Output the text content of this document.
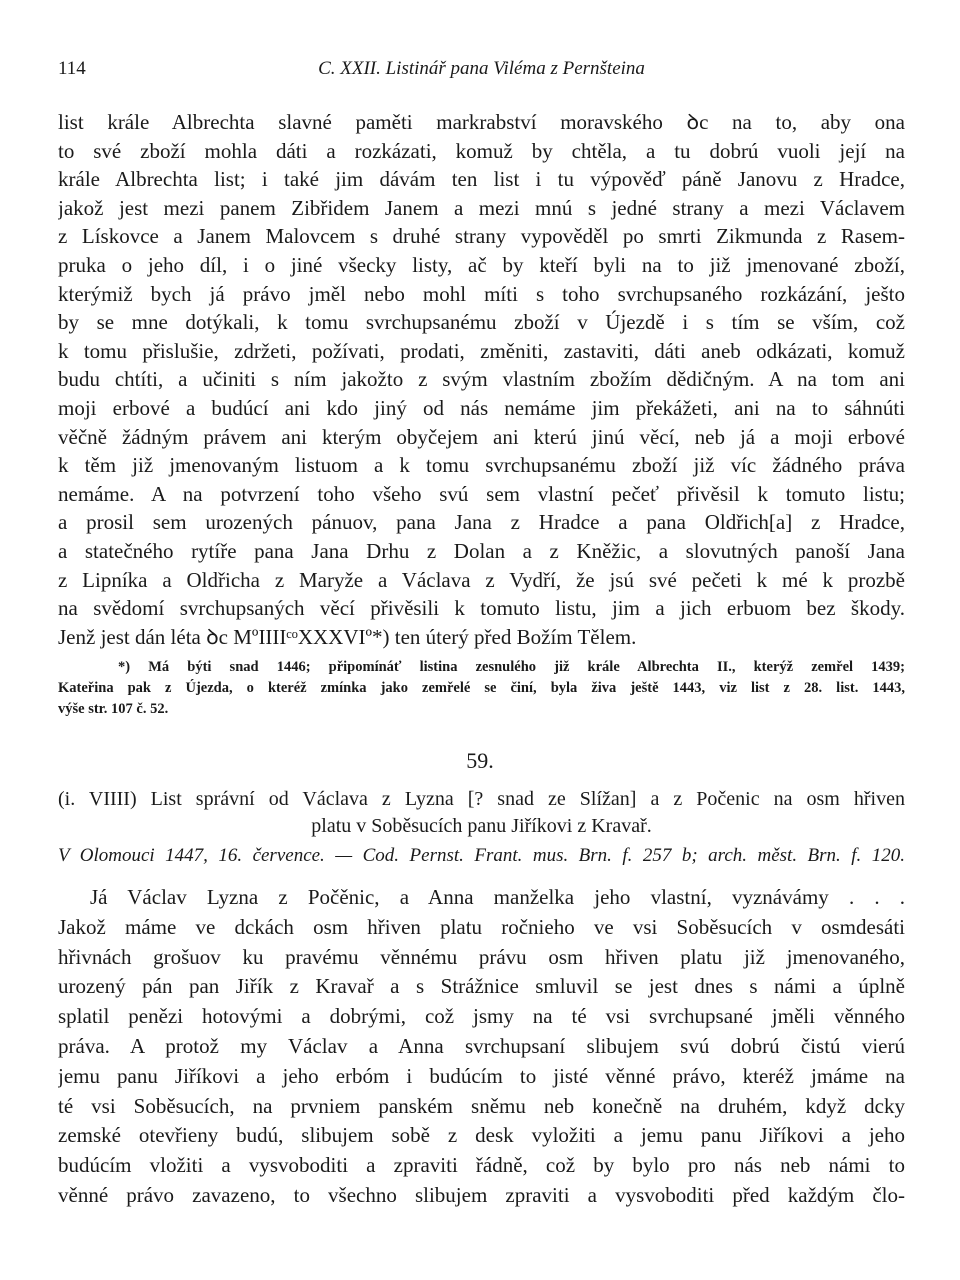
114	C. XXII. Listinář pana Viléma z Pernšteina

list krále Albrechta slavné paměti markrabství moravského ꝺc na to, aby ona

to své zboží mohla dáti a rozkázati, komuž by chtěla, a tu dobrú vuoli její na

krále Albrechta list; i také jim dávám ten list i tu výpověď páně Janovu z Hradce,

jakož jest mezi panem Zibřidem Janem a mezi mnú s jedné strany a mezi Václavem

z Lískovce a Janem Malovcem s druhé strany vypověděl po smrti Zikmunda z Rasem-

pruka o jeho díl, i o jiné všecky listy, ač by kteří byli na to již jmenované zboží,

kterýmiž bych já právo jměl nebo mohl míti s toho svrchupsaného rozkázání, ješto

by se mne dotýkali, k tomu svrchupsanému zboží v Újezdě i s tím se vším, což

k tomu přislušie, zdržeti, požívati, prodati, změniti, zastaviti, dáti aneb odkázati, komuž

budu chtíti, a učiniti s ním jakožto z svým vlastním zbožím dědičným. A na tom ani

moji erbové a budúcí ani kdo jiný od nás nemáme jim překážeti, ani na to sáhnúti

věčně žádným právem ani kterým obyčejem ani kterú jinú věcí, neb já a moji erbové

k těm již jmenovaným listuom a k tomu svrchupsanému zboží již víc žádného práva

nemáme. A na potvrzení toho všeho svú sem vlastní pečeť přivěsil k tomuto listu;

a prosil sem urozených pánuov, pana Jana z Hradce a pana Oldřich[a] z Hradce,

a statečného rytíře pana Jana Drhu z Dolan a z Kněžic, a slovutných panoší Jana

z Lipníka a Oldřicha z Maryže a Václava z Vydří, že jsú své pečeti k mé k prozbě

na svědomí svrchupsaných věcí přivěsili k tomuto listu, jim a jich erbuom bez škody.

Jenž jest dán léta ꝺc MºIIIIᶜᵒXXXVIº*) ten úterý před Božím Tělem.

*) Má býti snad 1446; připomínáť listina zesnulého již krále Albrechta II., kterýž zemřel 1439;

Kateřina pak z Újezda, o kteréž zmínka jako zemřelé se činí, byla živa ještě 1443, viz list z 28. list. 1443,

výše str. 107 č. 52.

59.

(i. VIIII) List správní od Václava z Lyzna [? snad ze Slížan] a z Počenic na osm hřiven

platu v Soběsucích panu Jiříkovi z Kravař.

V Olomouci 1447, 16. července. — Cod. Pernst. Frant. mus. Brn. f. 257 b; arch. měst. Brn. f. 120.

Já Václav Lyzna z Počěnic, a Anna manželka jeho vlastní, vyznávámy . . .

Jakož máme ve dckách osm hřiven platu ročnieho ve vsi Soběsucích v osmdesáti

hřivnách grošuov ku pravému věnnému právu osm hřiven platu již jmenovaného,

urozený pán pan Jiřík z Kravař a s Strážnice smluvil se jest dnes s námi a úplně

splatil penězi hotovými a dobrými, což jsmy na té vsi svrchupsané jměli věnného

práva. A protož my Václav a Anna svrchupsaní slibujem svú dobrú čistú vierú

jemu panu Jiříkovi a jeho erbóm i budúcím to jisté věnné právo, kteréž jmáme na

té vsi Soběsucích, na prvniem panském sněmu neb konečně na druhém, když dcky

zemské otevřieny budú, slibujem sobě z desk vyložiti a jemu panu Jiříkovi a jeho

budúcím vložiti a vysvoboditi a zpraviti řádně, což by bylo pro nás neb námi to

věnné právo zavazeno, to všechno slibujem zpraviti a vysvoboditi před každým člo-
